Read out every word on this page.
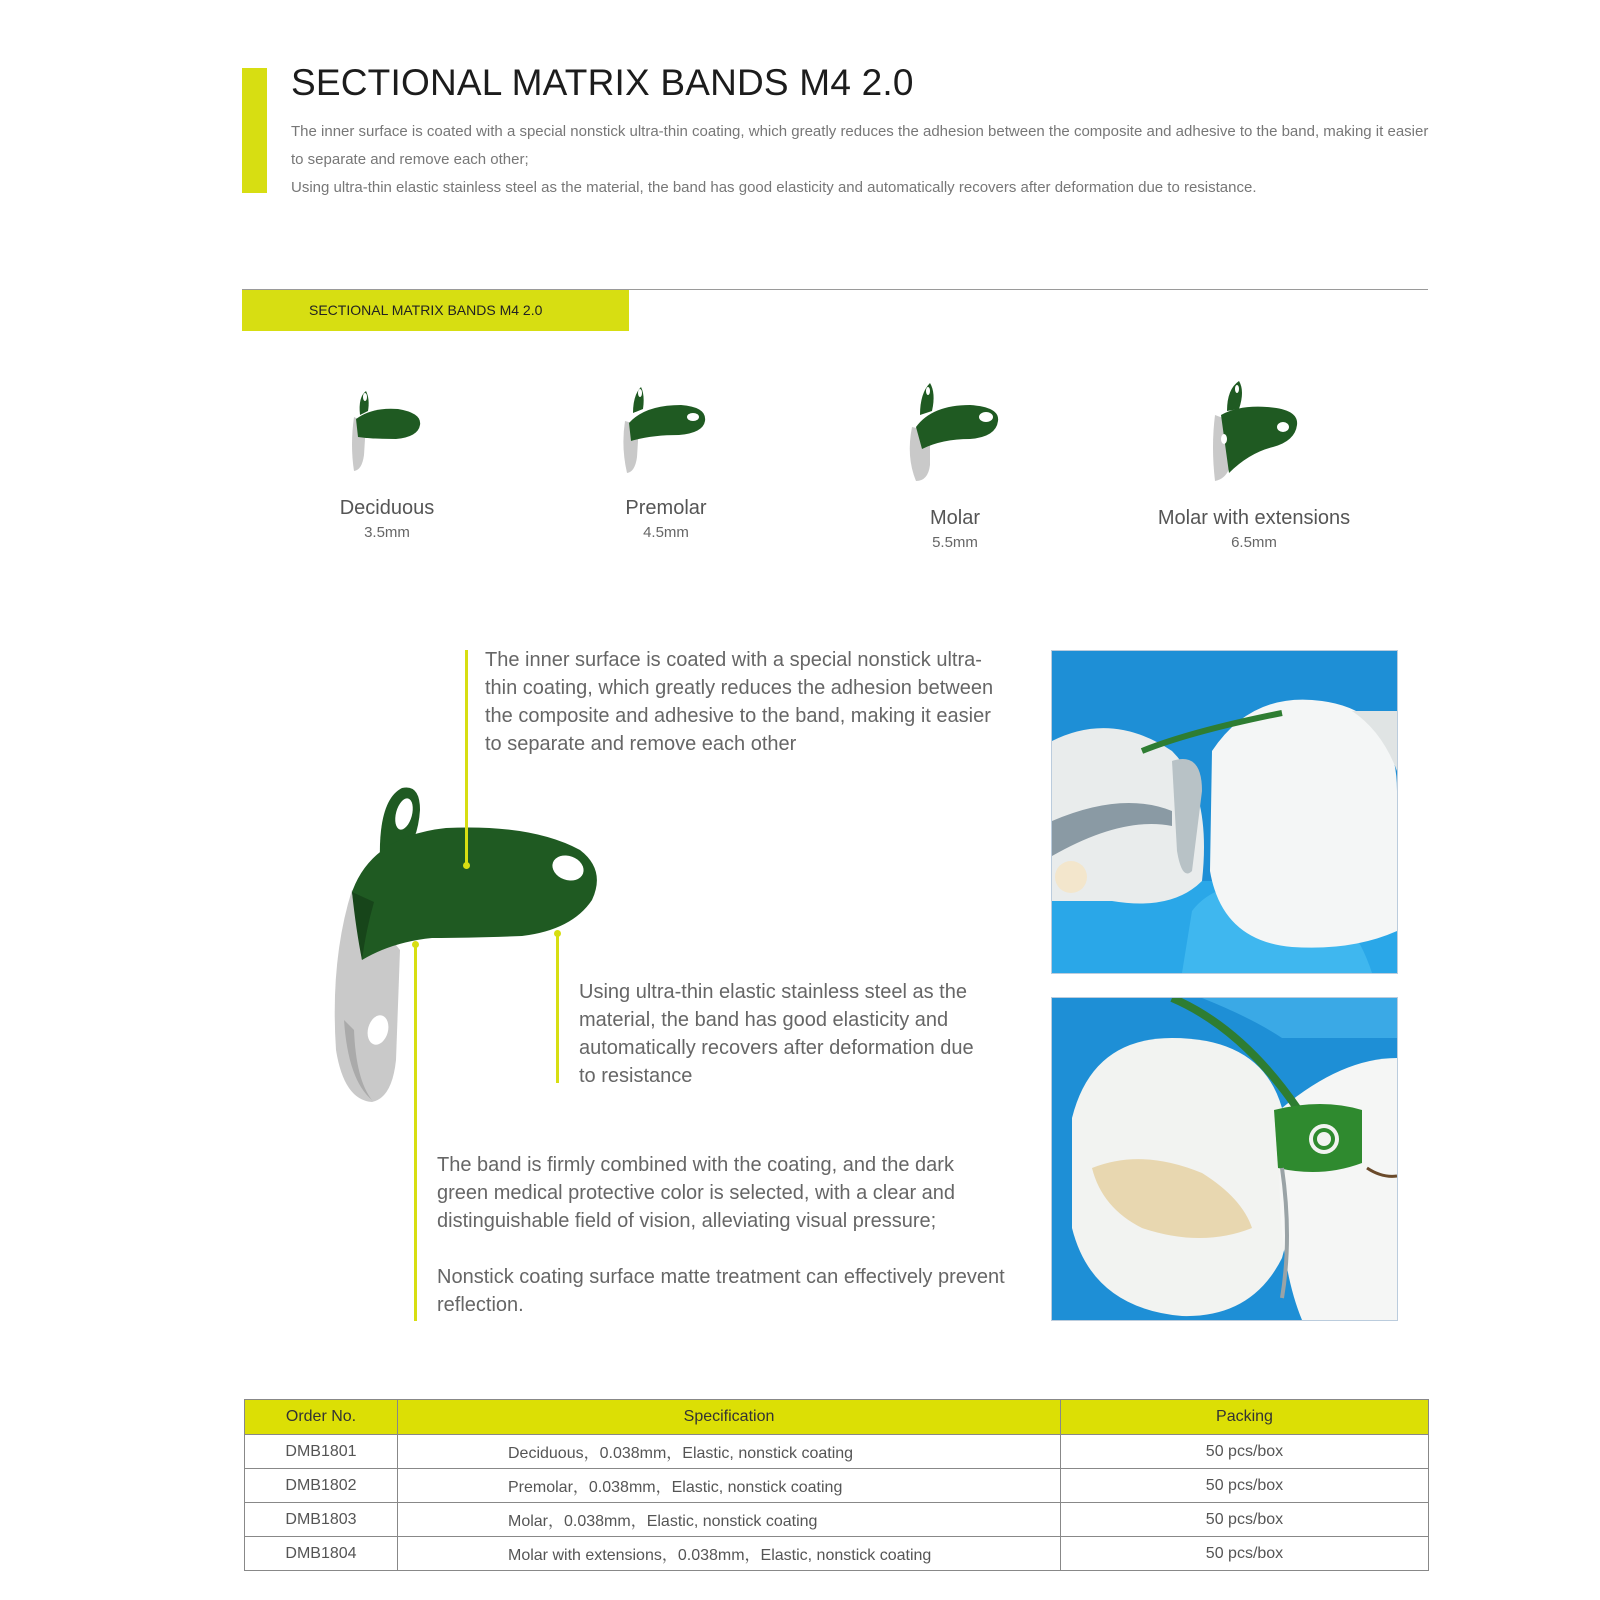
SECTIONAL MATRIX BANDS M4 2.0

The inner surface is coated with a special nonstick ultra-thin coating, which greatly reduces the adhesion between the composite and adhesive to the band, making it easier to separate and remove each other;

Using ultra-thin elastic stainless steel as the material, the band has good elasticity and automatically recovers after deformation due to resistance.

SECTIONAL MATRIX BANDS M4 2.0
Deciduous
3.5mm
Premolar
4.5mm
Molar
5.5mm
Molar with extensions
6.5mm

The inner surface is coated with a special nonstick ultra-thin coating, which greatly reduces the adhesion between the composite and adhesive to the band, making it easier to separate and remove each other

Using ultra-thin elastic stainless steel as the material, the band has good elasticity and automatically recovers after deformation due to resistance

The band is firmly combined with the coating, and the dark green medical protective color is selected, with a clear and distinguishable field of vision, alleviating visual pressure;

Nonstick coating surface matte treatment can effectively prevent reflection.

Order No.	Specification	Packing
DMB1801	Deciduous，0.038mm，Elastic, nonstick coating	50 pcs/box
DMB1802	Premolar，0.038mm，Elastic, nonstick coating	50 pcs/box
DMB1803	Molar，0.038mm，Elastic, nonstick coating	50 pcs/box
DMB1804	Molar with extensions，0.038mm，Elastic, nonstick coating	50 pcs/box
